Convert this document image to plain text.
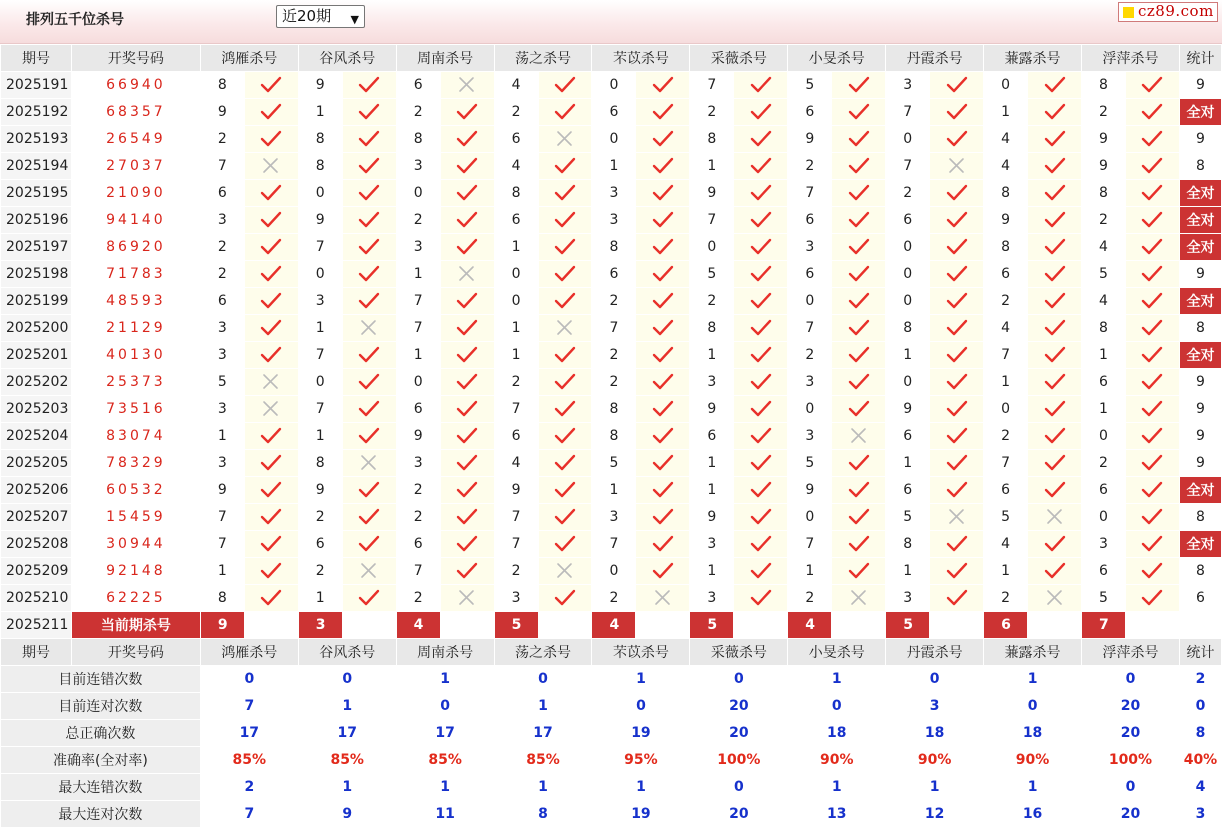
排列五千位杀号	近20期 ▼	cz89.com
期号	开奖号码	鸿雁杀号		谷风杀号		周南杀号		荡之杀号		芣苡杀号		采薇杀号		小旻杀号		丹霞杀号		蒹露杀号		浮萍杀号		统计
2025191	66940	8		9		6		4		0		7		5		3		0		8		9
2025192	68357	9		1		2		2		6		2		6		7		1		2		全对
2025193	26549	2		8		8		6		0		8		9		0		4		9		9
2025194	27037	7		8		3		4		1		1		2		7		4		9		8
2025195	21090	6		0		0		8		3		9		7		2		8		8		全对
2025196	94140	3		9		2		6		3		7		6		6		9		2		全对
2025197	86920	2		7		3		1		8		0		3		0		8		4		全对
2025198	71783	2		0		1		0		6		5		6		0		6		5		9
2025199	48593	6		3		7		0		2		2		0		0		2		4		全对
2025200	21129	3		1		7		1		7		8		7		8		4		8		8
2025201	40130	3		7		1		1		2		1		2		1		7		1		全对
2025202	25373	5		0		0		2		2		3		3		0		1		6		9
2025203	73516	3		7		6		7		8		9		0		9		0		1		9
2025204	83074	1		1		9		6		8		6		3		6		2		0		9
2025205	78329	3		8		3		4		5		1		5		1		7		2		9
2025206	60532	9		9		2		9		1		1		9		6		6		6		全对
2025207	15459	7		2		2		7		3		9		0		5		5		0		8
2025208	30944	7		6		6		7		7		3		7		8		4		3		全对
2025209	92148	1		2		7		2		0		1		1		1		1		6		8
2025210	62225	8		1		2		3		2		3		2		3		2		5		6
2025211	当前期杀号	9		3		4		5		4		5		4		5		6		7		
期号	开奖号码	鸿雁杀号		谷风杀号		周南杀号		荡之杀号		芣苡杀号		采薇杀号		小旻杀号		丹霞杀号		蒹露杀号		浮萍杀号		统计
目前连错次数		0		0		1		0		1		0		1		0		1		0		2
目前连对次数		7		1		0		1		0		20		0		3		0		20		0
总正确次数		17		17		17		17		19		20		18		18		18		20		8
准确率(全对率)		85%		85%		85%		85%		95%		100%		90%		90%		90%		100%		40%
最大连错次数		2		1		1		1		1		0		1		1		1		0		4
最大连对次数		7		9		11		8		19		20		13		12		16		20		3
